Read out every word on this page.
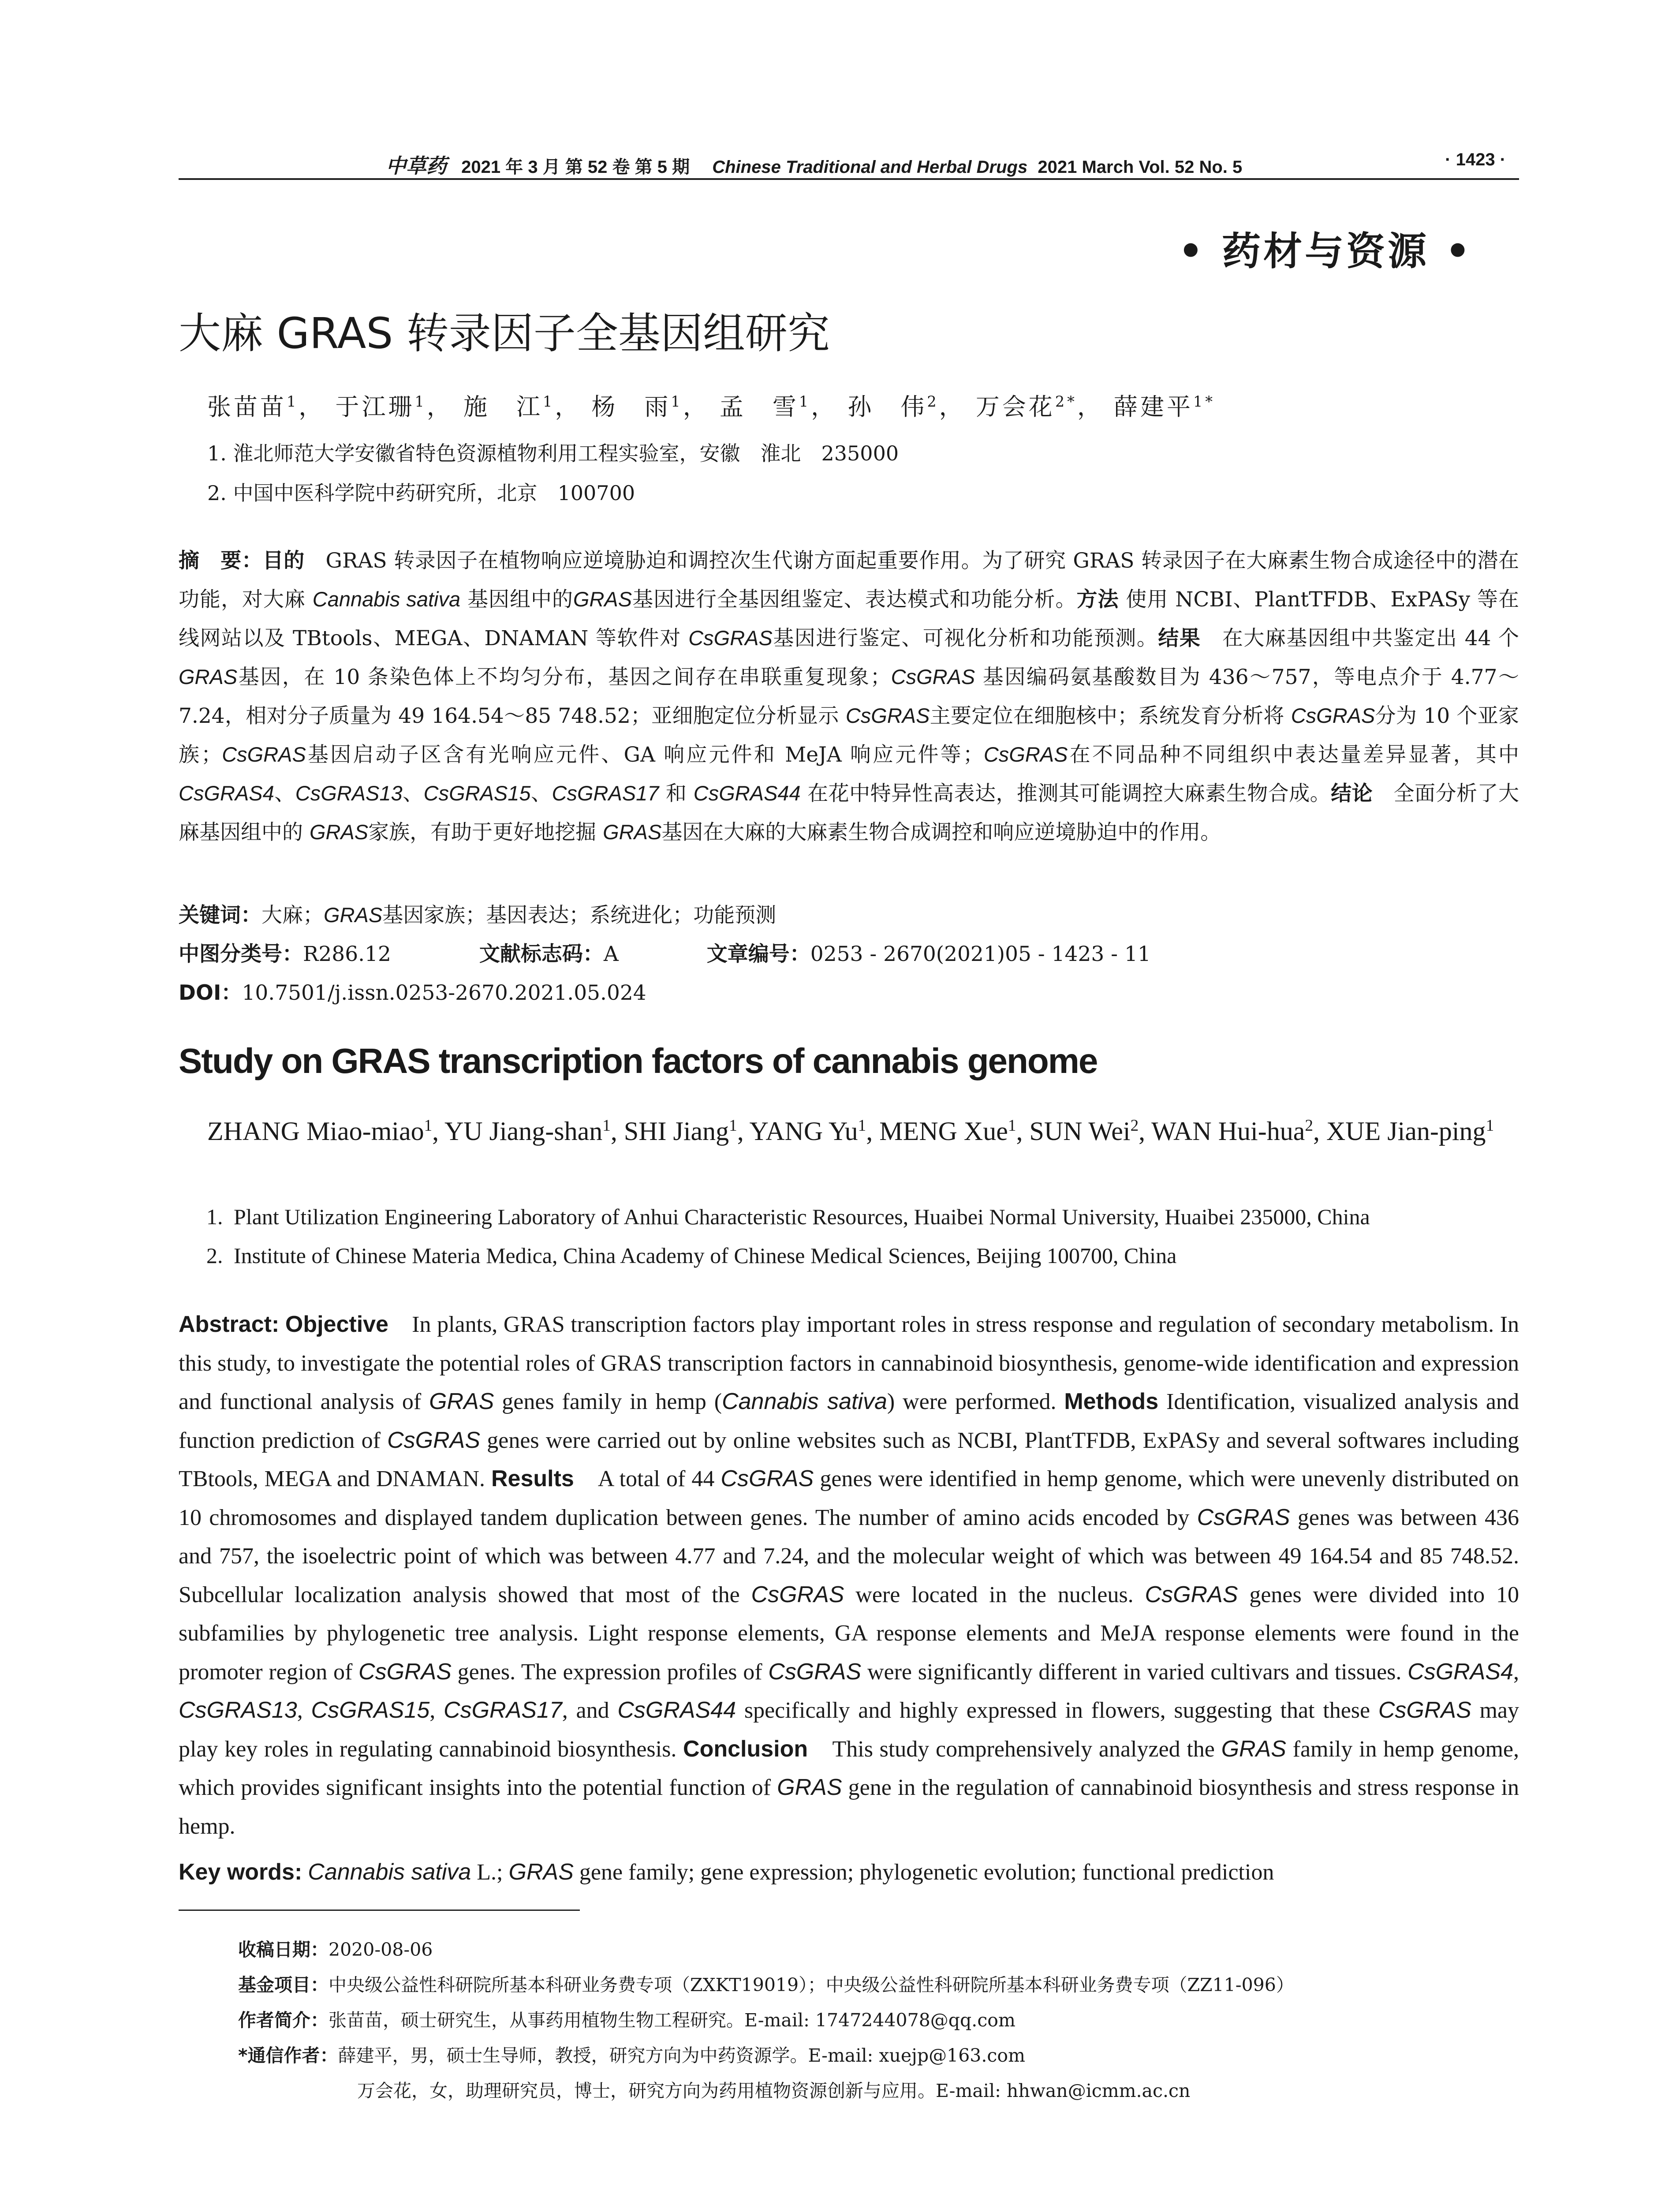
中草药 2021 年 3 月 第 52 卷 第 5 期 Chinese Traditional and Herbal Drugs 2021 March Vol. 52 No. 5	· 1423 ·
• 药材与资源 •
大麻 GRAS 转录因子全基因组研究
张苗苗$^1$， 于江珊$^1$， 施　江$^1$， 杨　雨$^1$， 孟　雪$^1$， 孙　伟$^2$， 万会花$^{2*}$， 薛建平$^{1*}$
1. 淮北师范大学安徽省特色资源植物利用工程实验室，安徽　淮北　235000
2. 中国中医科学院中药研究所，北京　100700
摘　要：目的　GRAS 转录因子在植物响应逆境胁迫和调控次生代谢方面起重要作用。为了研究 GRAS 转录因子在大麻素生物合成途径中的潜在功能，对大麻 Cannabis sativa 基因组中的GRAS基因进行全基因组鉴定、表达模式和功能分析。方法 使用 NCBI、PlantTFDB、ExPASy 等在线网站以及 TBtools、MEGA、DNAMAN 等软件对 CsGRAS基因进行鉴定、可视化分析和功能预测。结果　在大麻基因组中共鉴定出 44 个 GRAS基因，在 10 条染色体上不均匀分布，基因之间存在串联重复现象；CsGRAS 基因编码氨基酸数目为 436～757，等电点介于 4.77～7.24，相对分子质量为 49 164.54～85 748.52；亚细胞定位分析显示 CsGRAS主要定位在细胞核中；系统发育分析将 CsGRAS分为 10 个亚家族；CsGRAS基因启动子区含有光响应元件、GA 响应元件和 MeJA 响应元件等；CsGRAS在不同品种不同组织中表达量差异显著，其中 CsGRAS4、CsGRAS13、CsGRAS15、CsGRAS17 和 CsGRAS44 在花中特异性高表达，推测其可能调控大麻素生物合成。结论　全面分析了大麻基因组中的 GRAS家族，有助于更好地挖掘 GRAS基因在大麻的大麻素生物合成调控和响应逆境胁迫中的作用。
关键词：大麻；GRAS基因家族；基因表达；系统进化；功能预测
中图分类号：R286.12	文献标志码：A	文章编号：0253 - 2670(2021)05 - 1423 - 11
DOI：10.7501/j.issn.0253-2670.2021.05.024
Study on GRAS transcription factors of cannabis genome
ZHANG Miao-miao$^1$, YU Jiang-shan$^1$, SHI Jiang$^1$, YANG Yu$^1$, MENG Xue$^1$, SUN Wei$^2$, WAN Hui-hua$^2$, XUE Jian-ping$^1$
1. Plant Utilization Engineering Laboratory of Anhui Characteristic Resources, Huaibei Normal University, Huaibei 235000, China
2. Institute of Chinese Materia Medica, China Academy of Chinese Medical Sciences, Beijing 100700, China
Abstract: Objective　In plants, GRAS transcription factors play important roles in stress response and regulation of secondary metabolism. In this study, to investigate the potential roles of GRAS transcription factors in cannabinoid biosynthesis, genome-wide identification and expression and functional analysis of GRAS genes family in hemp (Cannabis sativa) were performed. Methods Identification, visualized analysis and function prediction of CsGRAS genes were carried out by online websites such as NCBI, PlantTFDB, ExPASy and several softwares including TBtools, MEGA and DNAMAN. Results　A total of 44 CsGRAS genes were identified in hemp genome, which were unevenly distributed on 10 chromosomes and displayed tandem duplication between genes. The number of amino acids encoded by CsGRAS genes was between 436 and 757, the isoelectric point of which was between 4.77 and 7.24, and the molecular weight of which was between 49 164.54 and 85 748.52. Subcellular localization analysis showed that most of the CsGRAS were located in the nucleus. CsGRAS genes were divided into 10 subfamilies by phylogenetic tree analysis. Light response elements, GA response elements and MeJA response elements were found in the promoter region of CsGRAS genes. The expression profiles of CsGRAS were significantly different in varied cultivars and tissues. CsGRAS4, CsGRAS13, CsGRAS15, CsGRAS17, and CsGRAS44 specifically and highly expressed in flowers, suggesting that these CsGRAS may play key roles in regulating cannabinoid biosynthesis. Conclusion　This study comprehensively analyzed the GRAS family in hemp genome, which provides significant insights into the potential function of GRAS gene in the regulation of cannabinoid biosynthesis and stress response in hemp.
Key words: Cannabis sativa L.; GRAS gene family; gene expression; phylogenetic evolution; functional prediction
收稿日期：2020-08-06
基金项目：中央级公益性科研院所基本科研业务费专项（ZXKT19019）；中央级公益性科研院所基本科研业务费专项（ZZ11-096）
作者简介：张苗苗，硕士研究生，从事药用植物生物工程研究。E-mail: 1747244078@qq.com
*通信作者：薛建平，男，硕士生导师，教授，研究方向为中药资源学。E-mail: xuejp@163.com
万会花，女，助理研究员，博士，研究方向为药用植物资源创新与应用。E-mail: hhwan@icmm.ac.cn
